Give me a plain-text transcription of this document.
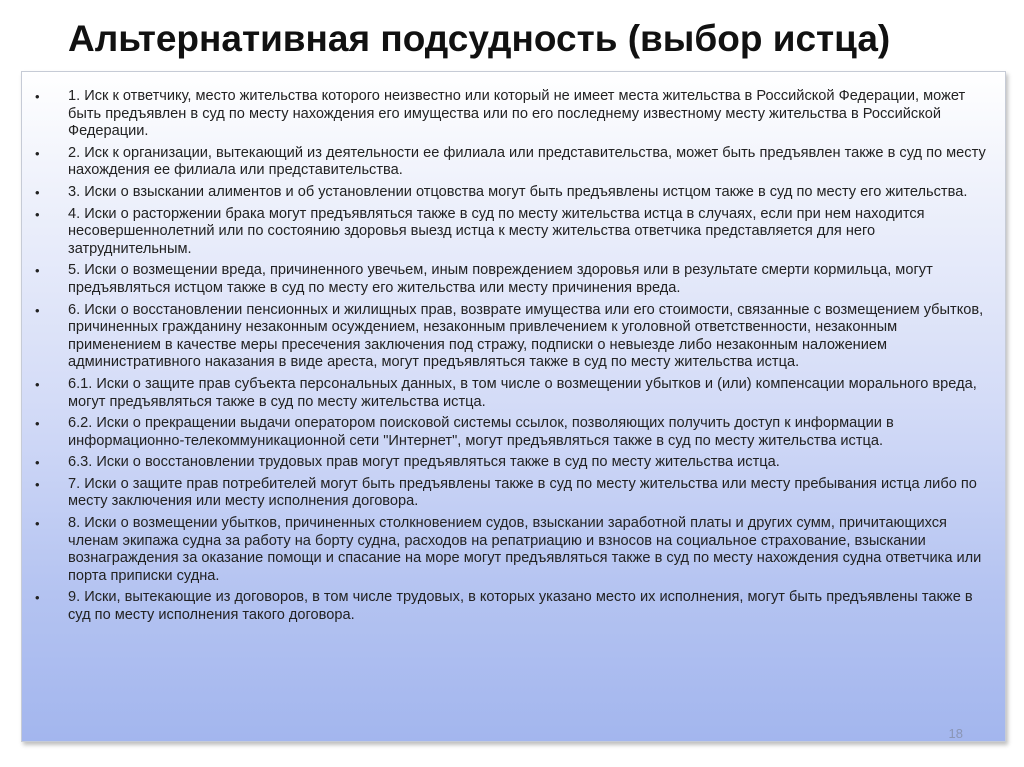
Альтернативная подсудность (выбор истца)
• 1. Иск к ответчику, место жительства которого неизвестно или который не имеет места жительства в Российской Федерации, может быть предъявлен в суд по месту нахождения его имущества или по его последнему известному месту жительства в Российской Федерации.
• 2. Иск к организации, вытекающий из деятельности ее филиала или представительства, может быть предъявлен также в суд по месту нахождения ее филиала или представительства.
• 3. Иски о взыскании алиментов и об установлении отцовства могут быть предъявлены истцом также в суд по месту его жительства.
• 4. Иски о расторжении брака могут предъявляться также в суд по месту жительства истца в случаях, если при нем находится несовершеннолетний или по состоянию здоровья выезд истца к месту жительства ответчика представляется для него затруднительным.
• 5. Иски о возмещении вреда, причиненного увечьем, иным повреждением здоровья или в результате смерти кормильца, могут предъявляться истцом также в суд по месту его жительства или месту причинения вреда.
• 6. Иски о восстановлении пенсионных и жилищных прав, возврате имущества или его стоимости, связанные с возмещением убытков, причиненных гражданину незаконным осуждением, незаконным привлечением к уголовной ответственности, незаконным применением в качестве меры пресечения заключения под стражу, подписки о невыезде либо незаконным наложением административного наказания в виде ареста, могут предъявляться также в суд по месту жительства истца.
• 6.1. Иски о защите прав субъекта персональных данных, в том числе о возмещении убытков и (или) компенсации морального вреда, могут предъявляться также в суд по месту жительства истца.
• 6.2. Иски о прекращении выдачи оператором поисковой системы ссылок, позволяющих получить доступ к информации в информационно-телекоммуникационной сети "Интернет", могут предъявляться также в суд по месту жительства истца.
• 6.3. Иски о восстановлении трудовых прав могут предъявляться также в суд по месту жительства истца.
• 7. Иски о защите прав потребителей могут быть предъявлены также в суд по месту жительства или месту пребывания истца либо по месту заключения или месту исполнения договора.
• 8. Иски о возмещении убытков, причиненных столкновением судов, взыскании заработной платы и других сумм, причитающихся членам экипажа судна за работу на борту судна, расходов на репатриацию и взносов на социальное страхование, взыскании вознаграждения за оказание помощи и спасание на море могут предъявляться также в суд по месту нахождения судна ответчика или порта приписки судна.
• 9. Иски, вытекающие из договоров, в том числе трудовых, в которых указано место их исполнения, могут быть предъявлены также в суд по месту исполнения такого договора.
18
